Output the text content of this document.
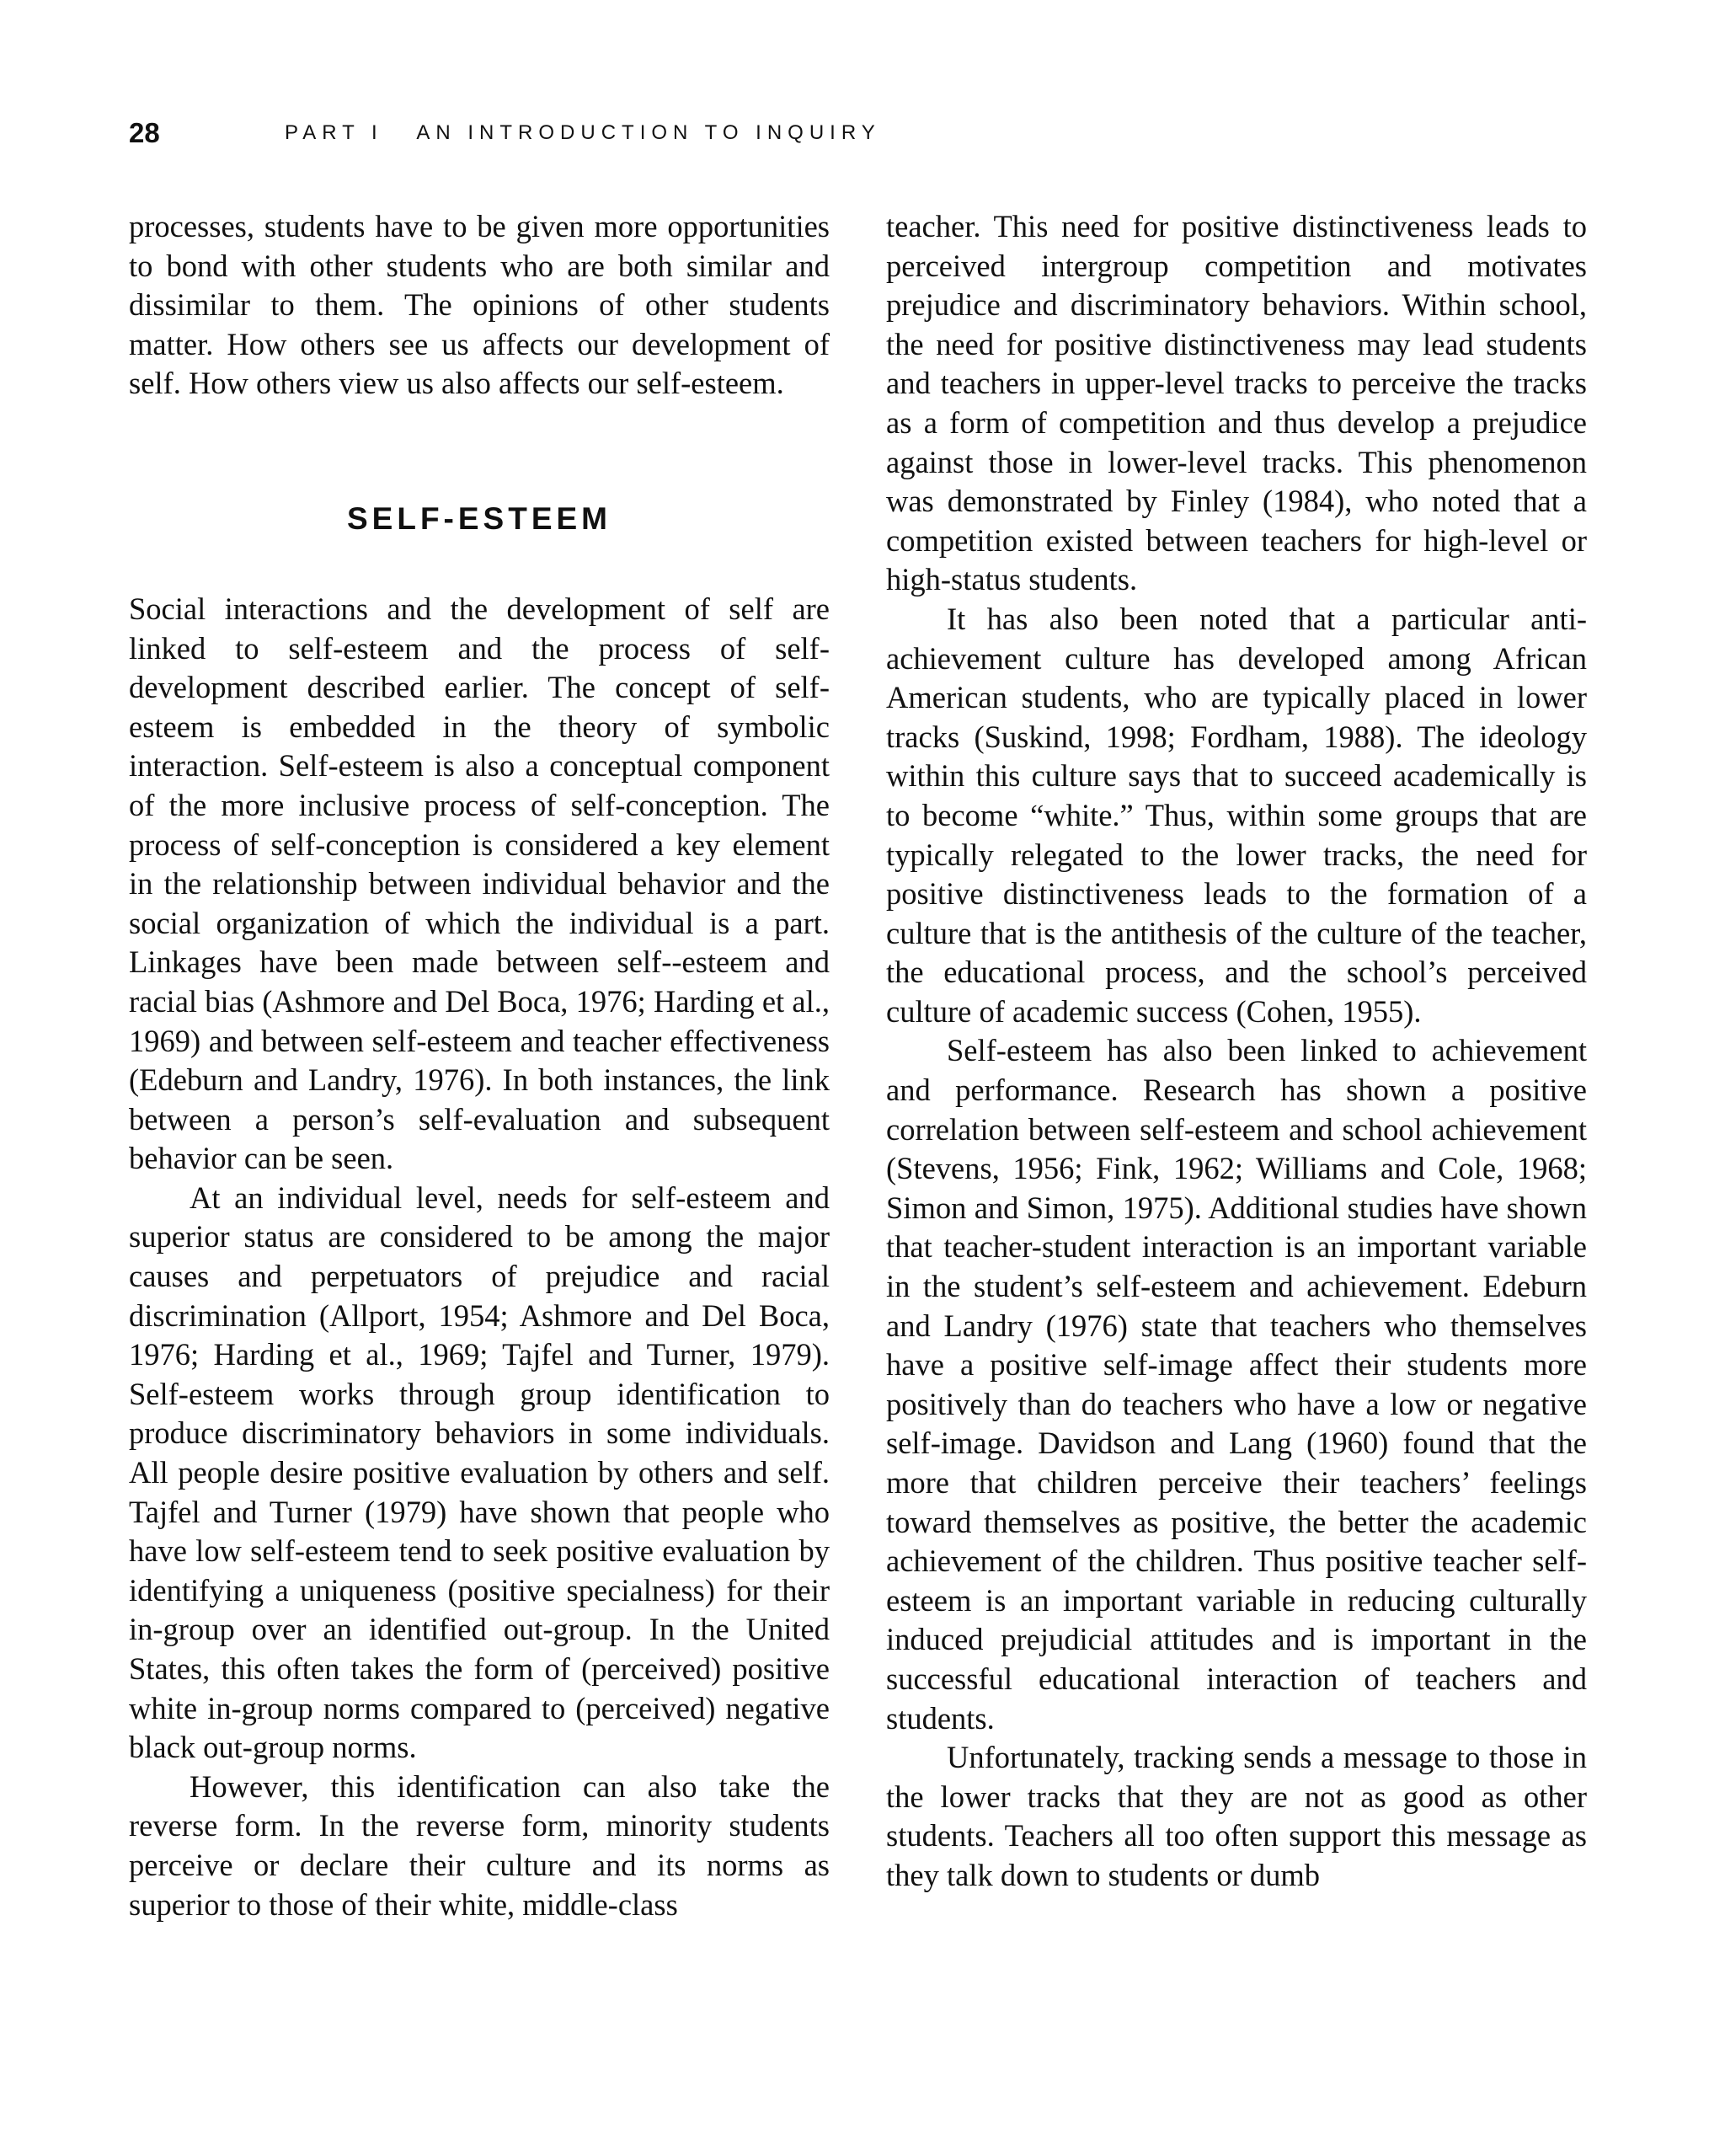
28	PART I   AN INTRODUCTION TO INQUIRY

processes, students have to be given more opportunities to bond with other students who are both similar and dissimilar to them. The opinions of other students matter. How others see us affects our development of self. How others view us also affects our self-esteem.

SELF-ESTEEM

Social interactions and the development of self are linked to self-esteem and the process of self-development described earlier. The concept of self-esteem is embedded in the theory of symbolic interaction. Self-esteem is also a conceptual component of the more inclusive process of self-conception. The process of self-conception is considered a key element in the relationship between individual behavior and the social organization of which the individual is a part. Linkages have been made between self--esteem and racial bias (Ashmore and Del Boca, 1976; Harding et al., 1969) and between self-esteem and teacher effectiveness (Edeburn and Landry, 1976). In both instances, the link between a person’s self-evaluation and subsequent behavior can be seen.

At an individual level, needs for self-esteem and superior status are considered to be among the major causes and perpetuators of prejudice and racial discrimination (Allport, 1954; Ashmore and Del Boca, 1976; Harding et al., 1969; Tajfel and Turner, 1979). Self-esteem works through group identification to produce discriminatory behaviors in some individuals. All people desire positive evaluation by others and self. Tajfel and Turner (1979) have shown that people who have low self-esteem tend to seek positive evaluation by identifying a uniqueness (positive specialness) for their in-group over an identified out-group. In the United States, this often takes the form of (perceived) positive white in-group norms compared to (perceived) negative black out-group norms.

However, this identification can also take the reverse form. In the reverse form, minority students perceive or declare their culture and its norms as superior to those of their white, middle-class

teacher. This need for positive distinctiveness leads to perceived intergroup competition and motivates prejudice and discriminatory behaviors. Within school, the need for positive distinctiveness may lead students and teachers in upper-level tracks to perceive the tracks as a form of competition and thus develop a prejudice against those in lower-level tracks. This phenomenon was demonstrated by Finley (1984), who noted that a competition existed between teachers for high-level or high-status students.

It has also been noted that a particular anti-achievement culture has developed among African American students, who are typically placed in lower tracks (Suskind, 1998; Fordham, 1988). The ideology within this culture says that to succeed academically is to become “white.” Thus, within some groups that are typically relegated to the lower tracks, the need for positive distinctiveness leads to the formation of a culture that is the antithesis of the culture of the teacher, the educational process, and the school’s perceived culture of academic success (Cohen, 1955).

Self-esteem has also been linked to achievement and performance. Research has shown a positive correlation between self-esteem and school achievement (Stevens, 1956; Fink, 1962; Williams and Cole, 1968; Simon and Simon, 1975). Additional studies have shown that teacher-student interaction is an important variable in the student’s self-esteem and achievement. Edeburn and Landry (1976) state that teachers who themselves have a positive self-image affect their students more positively than do teachers who have a low or negative self-image. Davidson and Lang (1960) found that the more that children perceive their teachers’ feelings toward themselves as positive, the better the academic achievement of the children. Thus positive teacher self-esteem is an important variable in reducing culturally induced prejudicial attitudes and is important in the successful educational interaction of teachers and students.

Unfortunately, tracking sends a message to those in the lower tracks that they are not as good as other students. Teachers all too often support this message as they talk down to students or dumb
